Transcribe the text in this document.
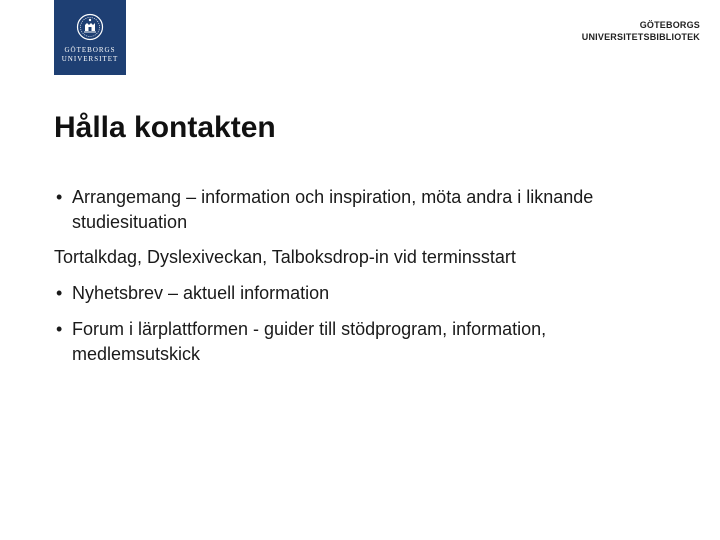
GÖTEBORGS
UNIVERSITET
GÖTEBORGS
UNIVERSITETSBIBLIOTEK
Hålla kontakten
• Arrangemang – information och inspiration, möta andra i liknande studiesituation
Tortalkdag, Dyslexiveckan, Talboksdrop-in vid terminsstart
• Nyhetsbrev – aktuell information
• Forum i lärplattformen - guider till stödprogram, information, medlemsutskick
